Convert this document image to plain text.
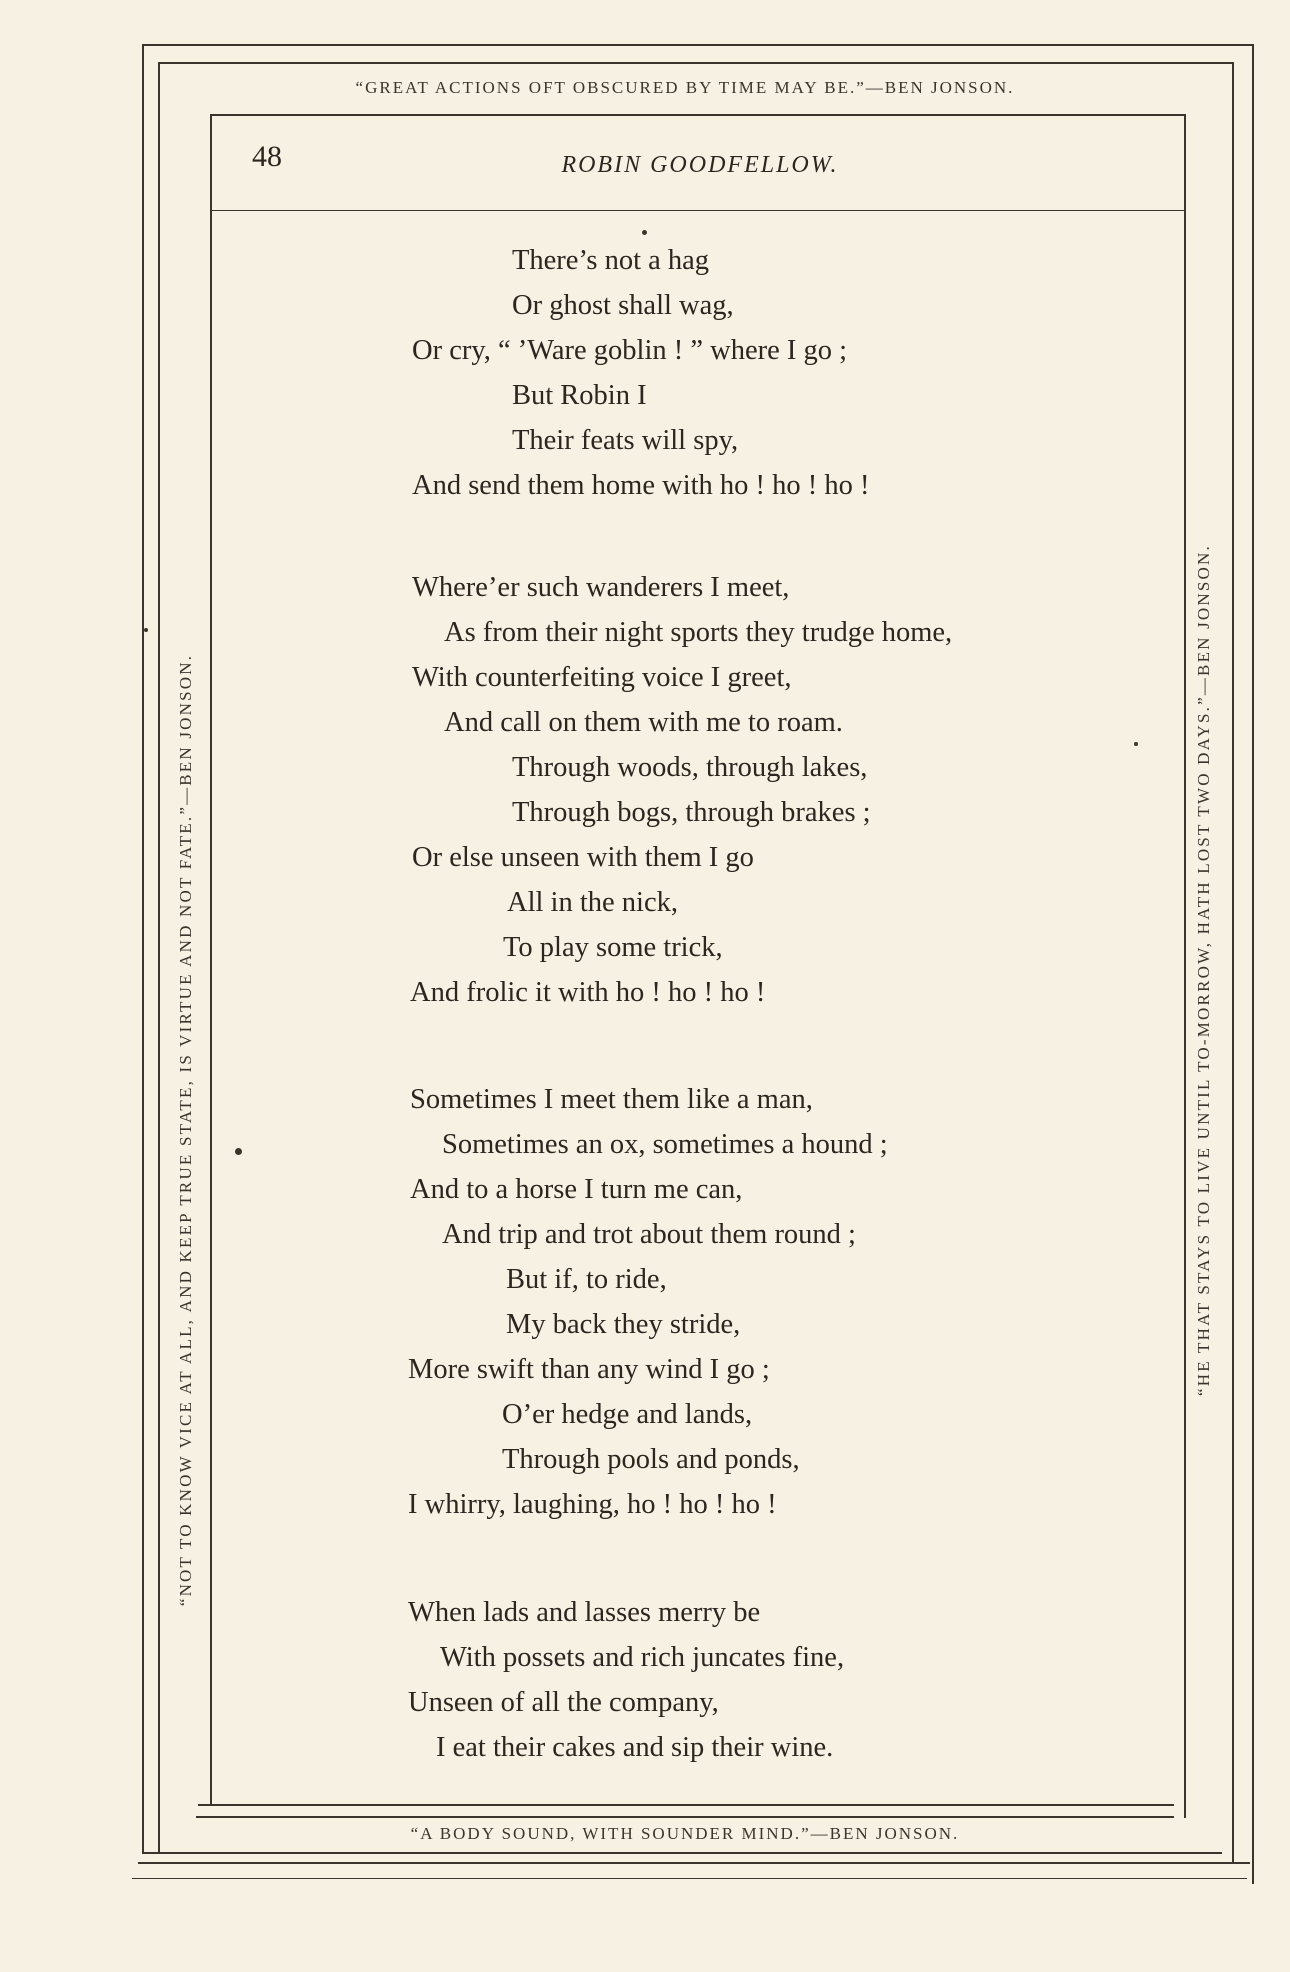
“GREAT ACTIONS OFT OBSCURED BY TIME MAY BE.”—BEN JONSON.
“A BODY SOUND, WITH SOUNDER MIND.”—BEN JONSON.
“NOT TO KNOW VICE AT ALL, AND KEEP TRUE STATE, IS VIRTUE AND NOT FATE.”—BEN JONSON.	“HE THAT STAYS TO LIVE UNTIL TO-MORROW, HATH LOST TWO DAYS.”—BEN JONSON.
48	ROBIN GOODFELLOW.
There’s not a hag
Or ghost shall wag,
Or cry, “ ’Ware goblin ! ” where I go ;
But Robin I
Their feats will spy,
And send them home with ho ! ho ! ho !
Where’er such wanderers I meet,
As from their night sports they trudge home,
With counterfeiting voice I greet,
And call on them with me to roam.
Through woods, through lakes,
Through bogs, through brakes ;
Or else unseen with them I go
All in the nick,
To play some trick,
And frolic it with ho ! ho ! ho !
Sometimes I meet them like a man,
Sometimes an ox, sometimes a hound ;
And to a horse I turn me can,
And trip and trot about them round ;
But if, to ride,
My back they stride,
More swift than any wind I go ;
O’er hedge and lands,
Through pools and ponds,
I whirry, laughing, ho ! ho ! ho !
When lads and lasses merry be
With possets and rich juncates fine,
Unseen of all the company,
I eat their cakes and sip their wine.
